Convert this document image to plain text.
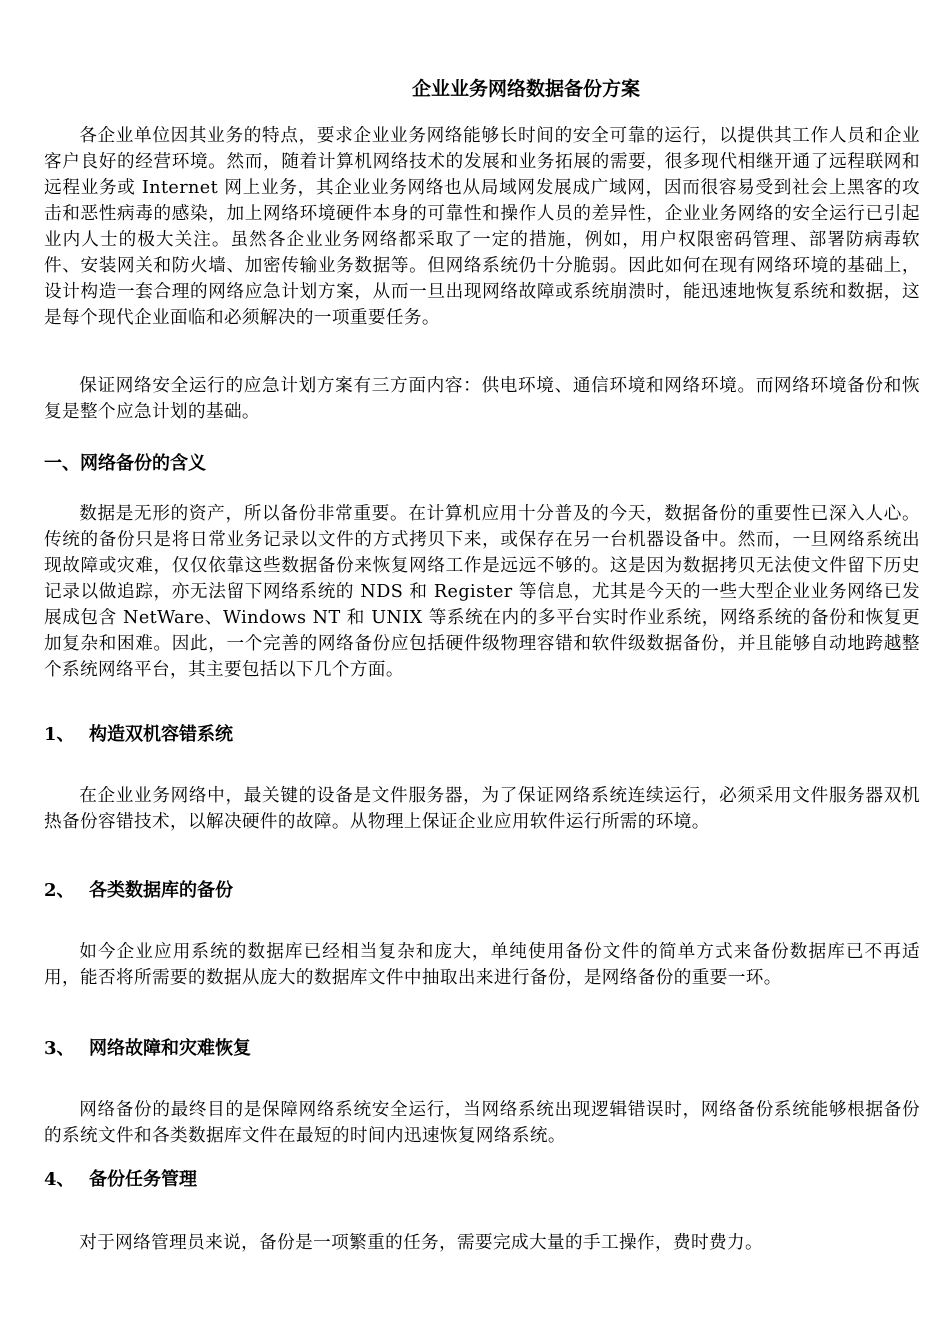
企业业务网络数据备份方案

各企业单位因其业务的特点，要求企业业务网络能够长时间的安全可靠的运行，以提供其工作人员和企业客户良好的经营环境。然而，随着计算机网络技术的发展和业务拓展的需要，很多现代相继开通了远程联网和远程业务或 Internet 网上业务，其企业业务网络也从局域网发展成广域网，因而很容易受到社会上黑客的攻击和恶性病毒的感染，加上网络环境硬件本身的可靠性和操作人员的差异性，企业业务网络的安全运行已引起业内人士的极大关注。虽然各企业业务网络都采取了一定的措施，例如，用户权限密码管理、部署防病毒软件、安装网关和防火墙、加密传输业务数据等。但网络系统仍十分脆弱。因此如何在现有网络环境的基础上，设计构造一套合理的网络应急计划方案，从而一旦出现网络故障或系统崩溃时，能迅速地恢复系统和数据，这是每个现代企业面临和必须解决的一项重要任务。

保证网络安全运行的应急计划方案有三方面内容：供电环境、通信环境和网络环境。而网络环境备份和恢复是整个应急计划的基础。

一、网络备份的含义

数据是无形的资产，所以备份非常重要。在计算机应用十分普及的今天，数据备份的重要性已深入人心。传统的备份只是将日常业务记录以文件的方式拷贝下来，或保存在另一台机器设备中。然而，一旦网络系统出现故障或灾难，仅仅依靠这些数据备份来恢复网络工作是远远不够的。这是因为数据拷贝无法使文件留下历史记录以做追踪，亦无法留下网络系统的 NDS 和 Register 等信息，尤其是今天的一些大型企业业务网络已发展成包含 NetWare、Windows NT 和 UNIX 等系统在内的多平台实时作业系统，网络系统的备份和恢复更加复杂和困难。因此，一个完善的网络备份应包括硬件级物理容错和软件级数据备份，并且能够自动地跨越整个系统网络平台，其主要包括以下几个方面。

1、 构造双机容错系统

在企业业务网络中，最关键的设备是文件服务器，为了保证网络系统连续运行，必须采用文件服务器双机热备份容错技术，以解决硬件的故障。从物理上保证企业应用软件运行所需的环境。

2、 各类数据库的备份

如今企业应用系统的数据库已经相当复杂和庞大，单纯使用备份文件的简单方式来备份数据库已不再适用，能否将所需要的数据从庞大的数据库文件中抽取出来进行备份，是网络备份的重要一环。

3、 网络故障和灾难恢复

网络备份的最终目的是保障网络系统安全运行，当网络系统出现逻辑错误时，网络备份系统能够根据备份的系统文件和各类数据库文件在最短的时间内迅速恢复网络系统。

4、 备份任务管理

对于网络管理员来说，备份是一项繁重的任务，需要完成大量的手工操作，费时费力。
